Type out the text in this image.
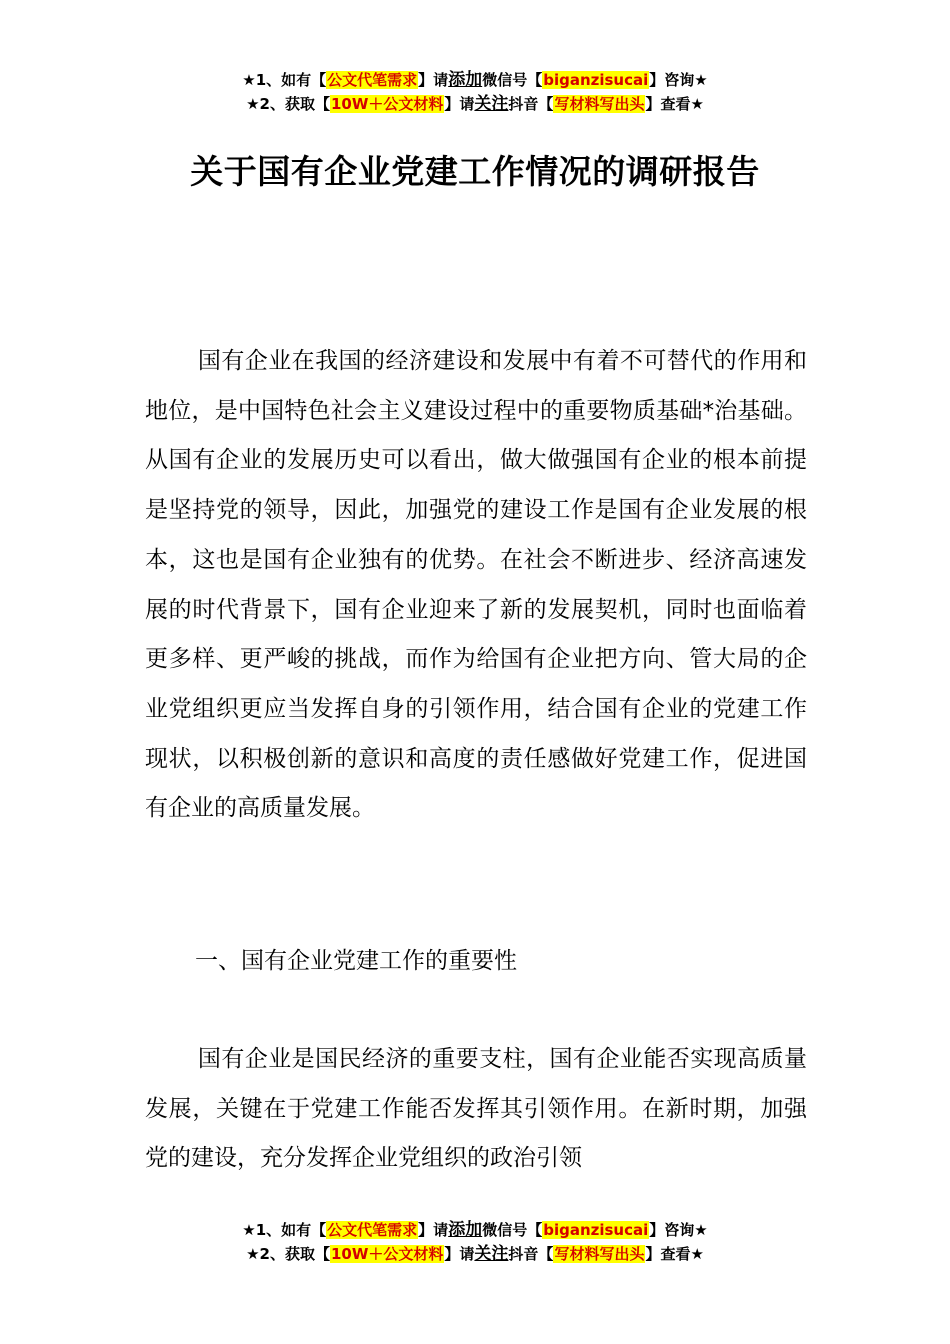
★1、如有【公文代笔需求】请添加微信号【biganzisucai】咨询★
★2、获取【10W＋公文材料】请关注抖音【写材料写出头】查看★
关于国有企业党建工作情况的调研报告

国有企业在我国的经济建设和发展中有着不可替代的作用和地位，是中国特色社会主义建设过程中的重要物质基础*治基础。从国有企业的发展历史可以看出，做大做强国有企业的根本前提是坚持党的领导，因此，加强党的建设工作是国有企业发展的根本，这也是国有企业独有的优势。在社会不断进步、经济高速发展的时代背景下，国有企业迎来了新的发展契机，同时也面临着更多样、更严峻的挑战，而作为给国有企业把方向、管大局的企业党组织更应当发挥自身的引领作用，结合国有企业的党建工作现状，以积极创新的意识和高度的责任感做好党建工作，促进国有企业的高质量发展。

一、国有企业党建工作的重要性

国有企业是国民经济的重要支柱，国有企业能否实现高质量发展，关键在于党建工作能否发挥其引领作用。在新时期，加强党的建设，充分发挥企业党组织的政治引领

★1、如有【公文代笔需求】请添加微信号【biganzisucai】咨询★
★2、获取【10W＋公文材料】请关注抖音【写材料写出头】查看★
